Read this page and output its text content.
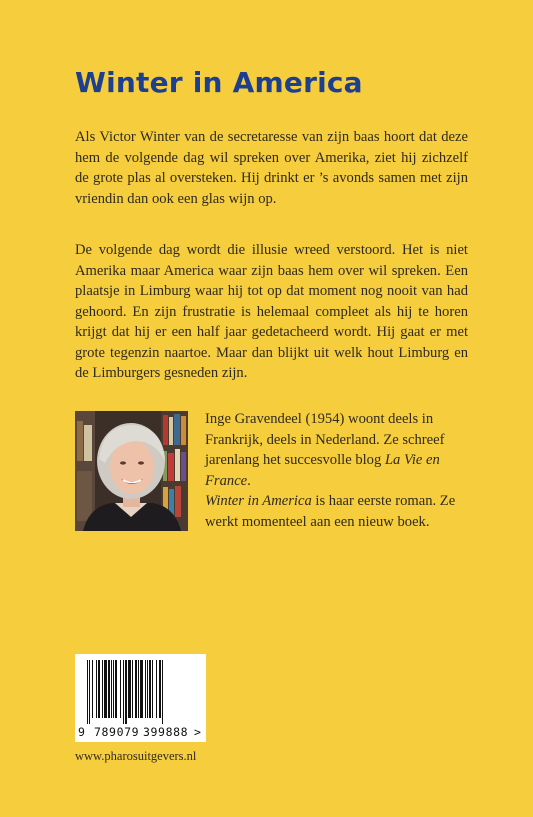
Winter in America

Als Victor Winter van de secretaresse van zijn baas hoort dat deze hem de volgende dag wil spreken over Amerika, ziet hij zichzelf de grote plas al oversteken. Hij drinkt er ’s avonds samen met zijn vriendin dan ook een glas wijn op.

De volgende dag wordt die illusie wreed verstoord. Het is niet Amerika maar America waar zijn baas hem over wil spreken. Een plaatsje in Limburg waar hij tot op dat moment nog nooit van had gehoord. En zijn frustratie is helemaal compleet als hij te horen krijgt dat hij er een half jaar gedetacheerd wordt. Hij gaat er met grote tegenzin naartoe. Maar dan blijkt uit welk hout Limburg en de Limburgers gesneden zijn.

Inge Gravendeel (1954) woont deels in Frankrijk, deels in Nederland. Ze schreef jarenlang het succesvolle blog La Vie en France.
Winter in America is haar eerste roman. Ze werkt momenteel aan een nieuw boek.

9 789079 399888 >

www.pharosuitgevers.nl
